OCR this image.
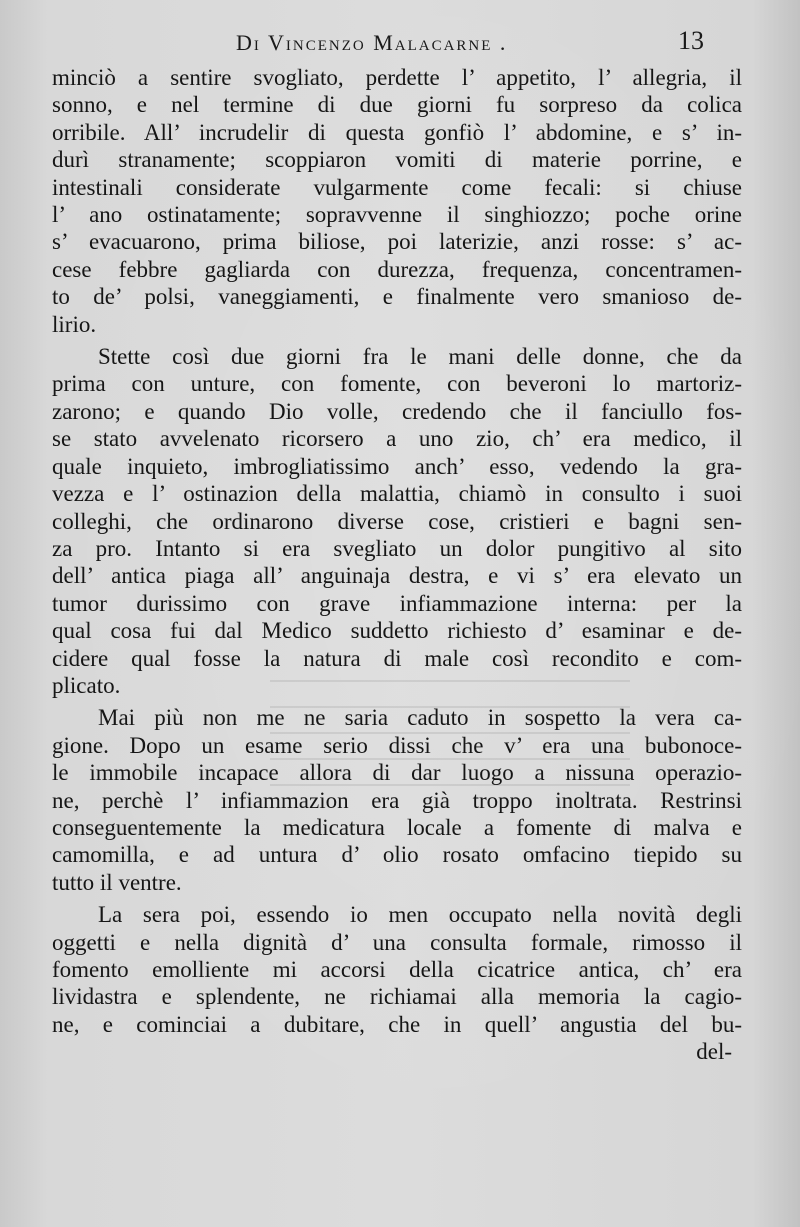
Di Vincenzo Malacarne .	13

minciò a sentire svogliato, perdette l’ appetito, l’ allegria, il
sonno, e nel termine di due giorni fu sorpreso da colica
orribile. All’ incrudelir di questa gonfiò l’ abdomine, e s’ in-
durì stranamente; scoppiaron vomiti di materie porrine, e
intestinali considerate vulgarmente come fecali: si chiuse
l’ ano ostinatamente; sopravvenne il singhiozzo; poche orine
s’ evacuarono, prima biliose, poi laterizie, anzi rosse: s’ ac-
cese febbre gagliarda con durezza, frequenza, concentramen-
to de’ polsi, vaneggiamenti, e finalmente vero smanioso de-
lirio.

Stette così due giorni fra le mani delle donne, che da
prima con unture, con fomente, con beveroni lo martoriz-
zarono; e quando Dio volle, credendo che il fanciullo fos-
se stato avvelenato ricorsero a uno zio, ch’ era medico, il
quale inquieto, imbrogliatissimo anch’ esso, vedendo la gra-
vezza e l’ ostinazion della malattia, chiamò in consulto i suoi
colleghi, che ordinarono diverse cose, cristieri e bagni sen-
za pro. Intanto si era svegliato un dolor pungitivo al sito
dell’ antica piaga all’ anguinaja destra, e vi s’ era elevato un
tumor durissimo con grave infiammazione interna: per la
qual cosa fui dal Medico suddetto richiesto d’ esaminar e de-
cidere qual fosse la natura di male così recondito e com-
plicato.

Mai più non me ne saria caduto in sospetto la vera ca-
gione. Dopo un esame serio dissi che v’ era una bubonoce-
le immobile incapace allora di dar luogo a nissuna operazio-
ne, perchè l’ infiammazion era già troppo inoltrata. Restrinsi
conseguentemente la medicatura locale a fomente di malva e
camomilla, e ad untura d’ olio rosato omfacino tiepido su
tutto il ventre.

La sera poi, essendo io men occupato nella novità degli
oggetti e nella dignità d’ una consulta formale, rimosso il
fomento emolliente mi accorsi della cicatrice antica, ch’ era
lividastra e splendente, ne richiamai alla memoria la cagio-
ne, e cominciai a dubitare, che in quell’ angustia del bu-

del-
